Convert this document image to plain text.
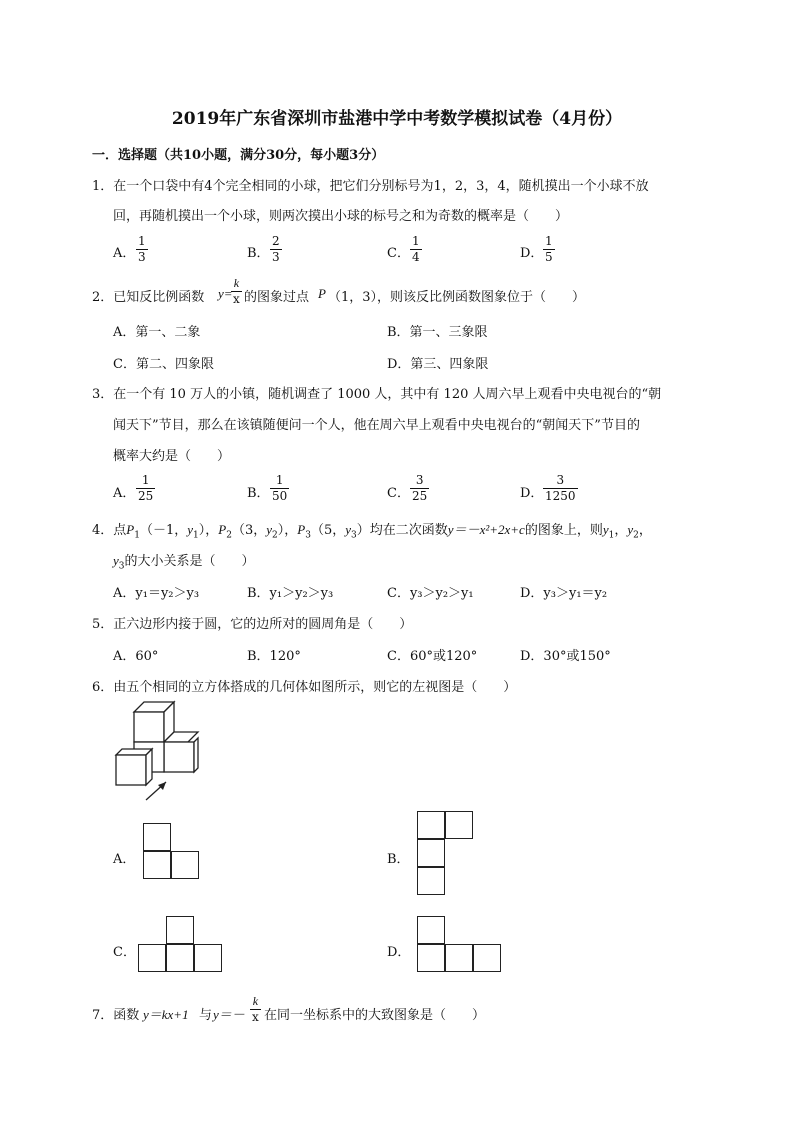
2019年广东省深圳市盐港中学中考数学模拟试卷（4月份）
一．选择题（共10小题，满分30分，每小题3分）
1．在一个口袋中有4个完全相同的小球，把它们分别标号为1，2，3，4，随机摸出一个小球不放
回，再随机摸出一个小球，则两次摸出小球的标号之和为奇数的概率是（　　）
A．
1
3	B．
2
3	C．
1
4	D．
1
5
2．已知反比例函数 y=
k
x 的图象过点 P （1，3），则该反比例函数图象位于（　　）
A．第一、二象	B．第一、三象限
C．第二、四象限	D．第三、四象限
3．在一个有 10 万人的小镇，随机调查了 1000 人，其中有 120 人周六早上观看中央电视台的“朝
闻天下”节目，那么在该镇随便问一个人，他在周六早上观看中央电视台的“朝闻天下”节目的
概率大约是（　　）
A．
1
25	B．
1
50	C．
3
25	D．
3
1250
4．点$P_1(-1$，$y_1$），$P_2(3$，$y_2$），$P_3(5$，$y_3$）均在二次函数y＝－x²+2x+c的图象上，则$y_1$，$y_2$，
$y_3$的大小关系是（　　）
A．y₁＝y₂＞y₃	B．y₁＞y₂＞y₃	C．y₃＞y₂＞y₁	D．y₃＞y₁＝y₂
5．正六边形内接于圆，它的边所对的圆周角是（　　）
A．60°	B．120°	C．60°或120°	D．30°或150°
6．由五个相同的立方体搭成的几何体如图所示，则它的左视图是（　　）
A．	B．
C．	D．
7．函数 y＝kx+1 与 y＝－
k
x 在同一坐标系中的大致图象是（　　）
